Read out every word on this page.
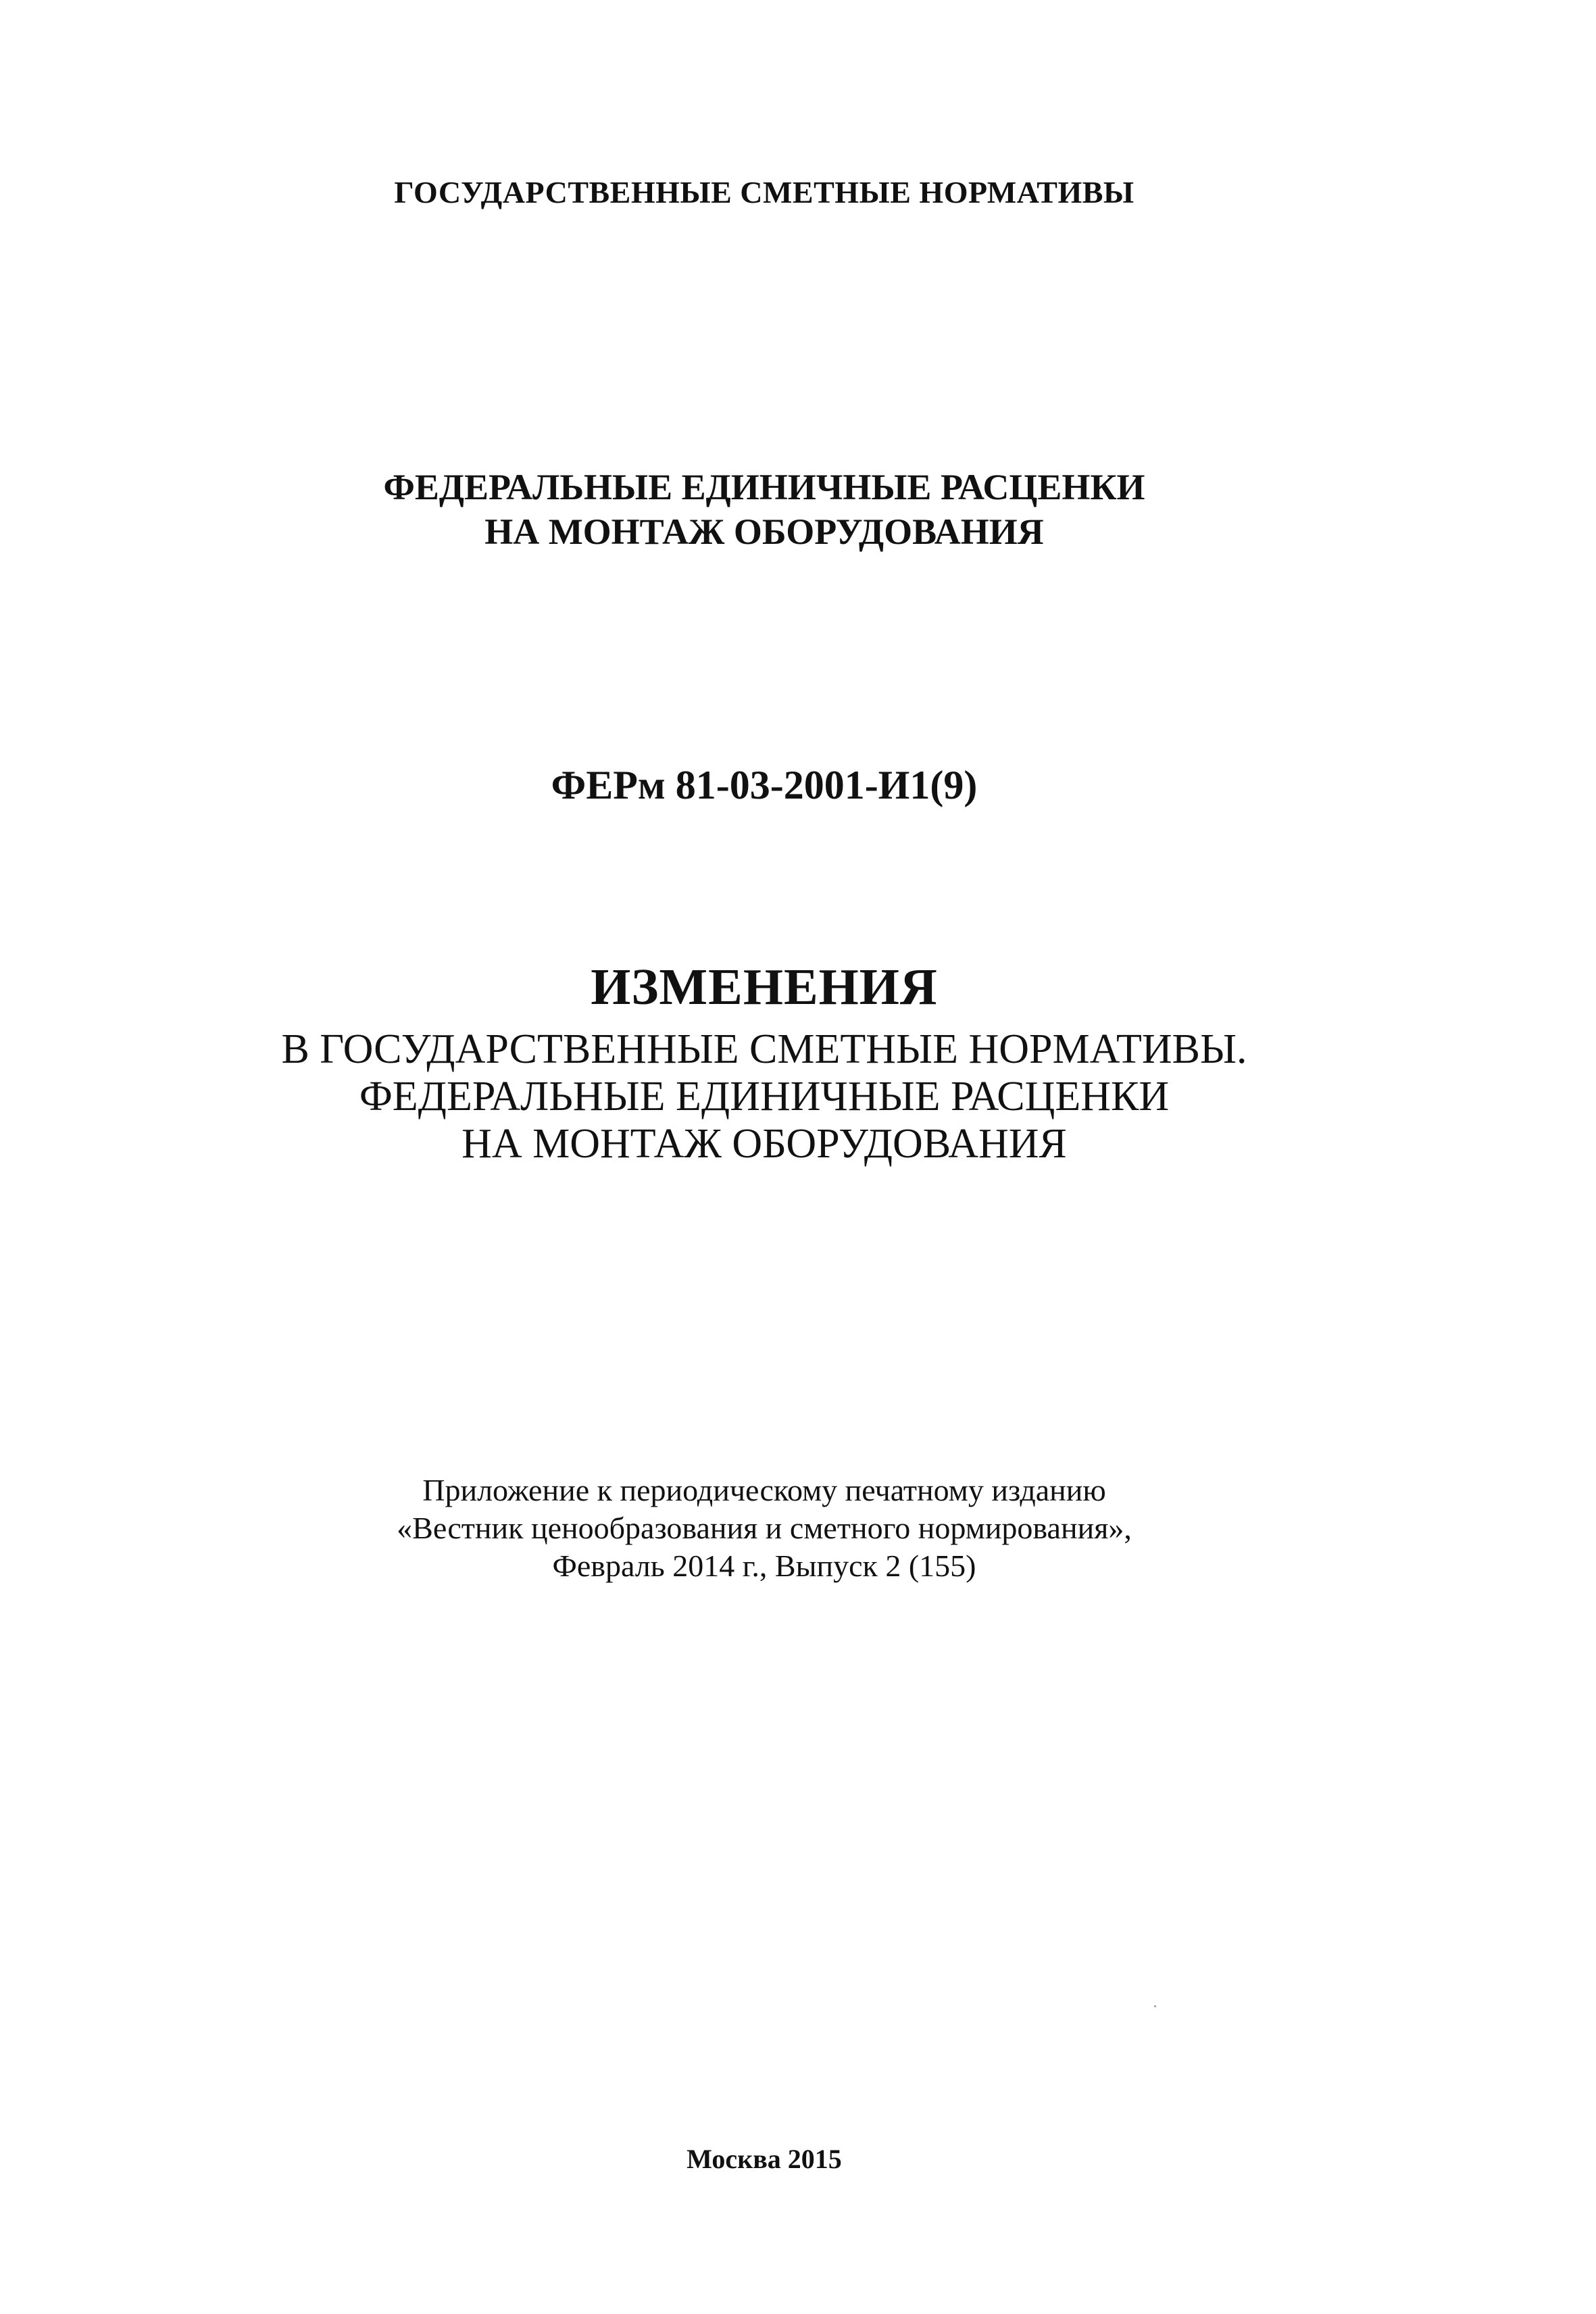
ГОСУДАРСТВЕННЫЕ СМЕТНЫЕ НОРМАТИВЫ
ФЕДЕРАЛЬНЫЕ ЕДИНИЧНЫЕ РАСЦЕНКИ
НА МОНТАЖ ОБОРУДОВАНИЯ
ФЕРм 81-03-2001-И1(9)
ИЗМЕНЕНИЯ
В ГОСУДАРСТВЕННЫЕ СМЕТНЫЕ НОРМАТИВЫ.
ФЕДЕРАЛЬНЫЕ ЕДИНИЧНЫЕ РАСЦЕНКИ
НА МОНТАЖ ОБОРУДОВАНИЯ
Приложение к периодическому печатному изданию
«Вестник ценообразования и сметного нормирования»,
Февраль 2014 г., Выпуск 2 (155)
Москва 2015
